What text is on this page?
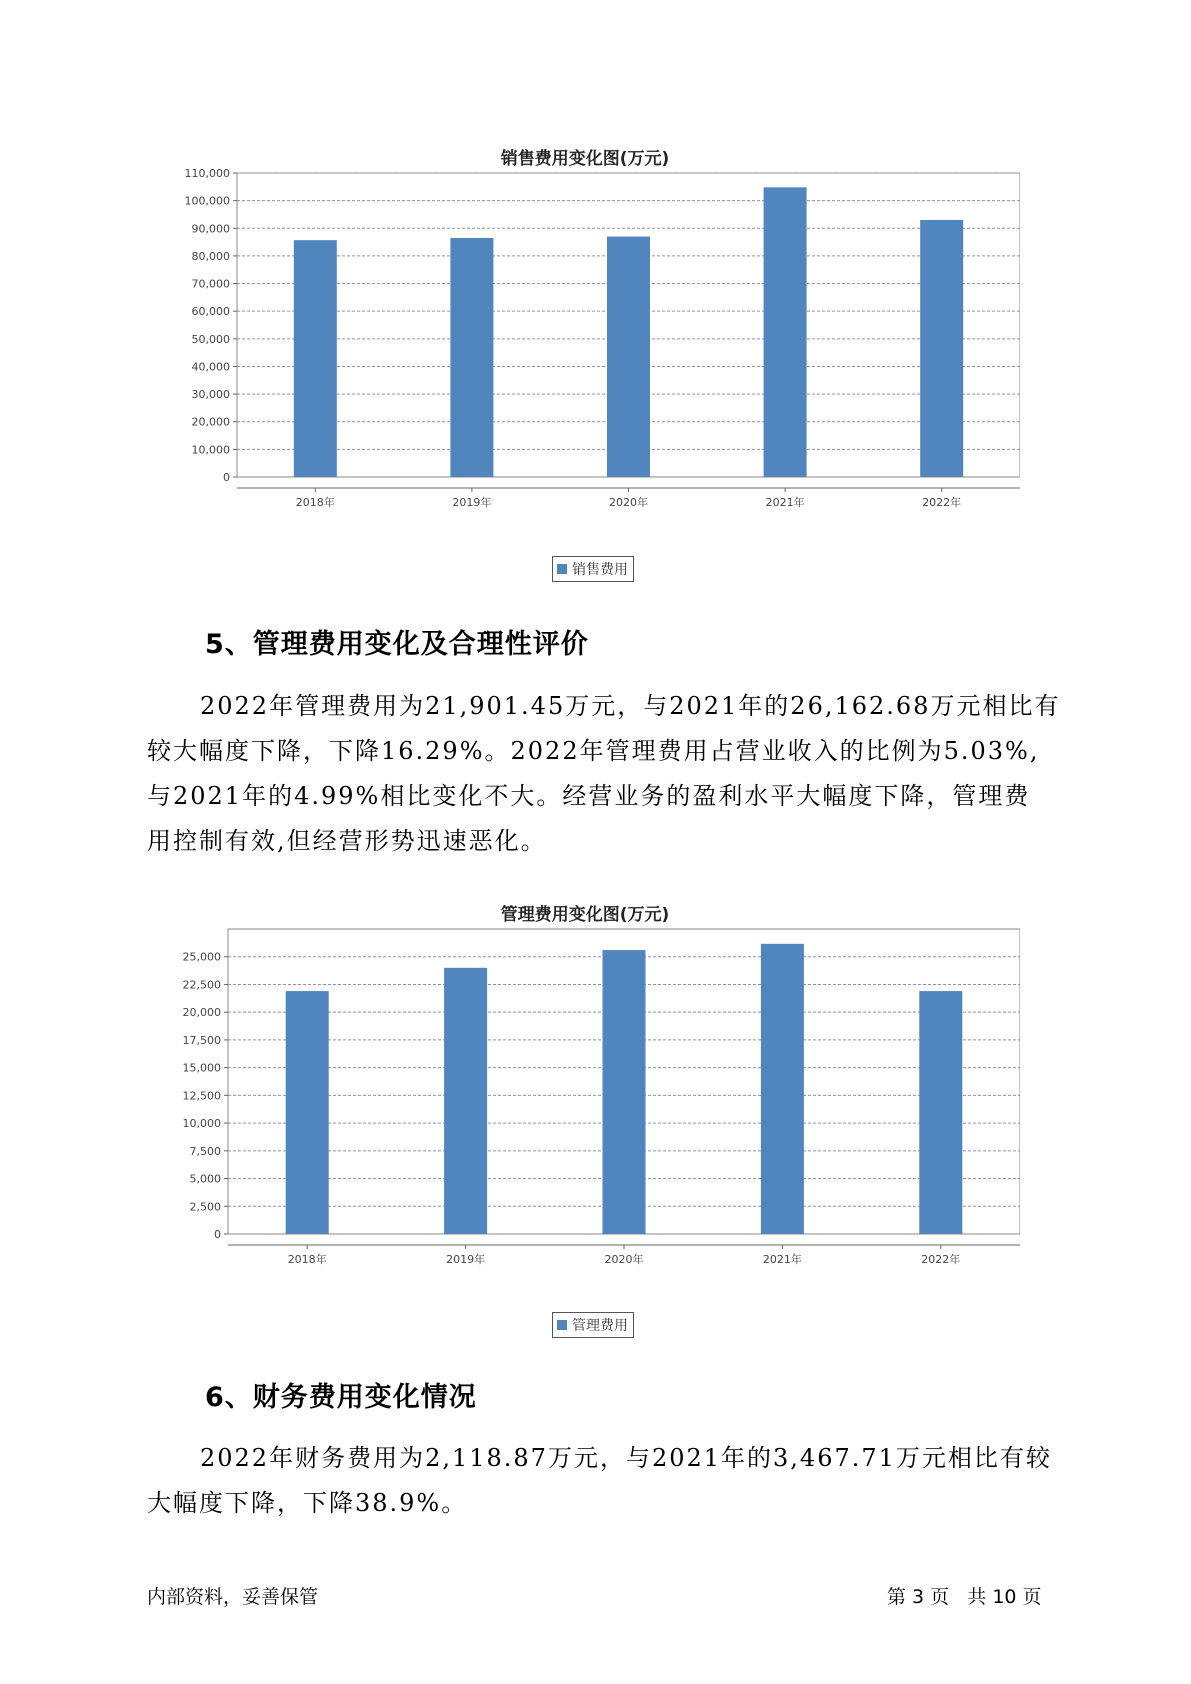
销售费用变化图(万元)
0
10,000
20,000
30,000
40,000
50,000
60,000
70,000
80,000
90,000
100,000
110,000
2018年	2019年	2020年	2021年	2022年
销售费用
5、管理费用变化及合理性评价
2022年管理费用为21,901.45万元，与2021年的26,162.68万元相比有
较大幅度下降，下降16.29%。2022年管理费用占营业收入的比例为5.03%,
与2021年的4.99%相比变化不大。经营业务的盈利水平大幅度下降，管理费
用控制有效,但经营形势迅速恶化。
管理费用变化图(万元)
0
2,500
5,000
7,500
10,000
12,500
15,000
17,500
20,000
22,500
25,000
2018年	2019年	2020年	2021年	2022年
管理费用
6、财务费用变化情况
2022年财务费用为2,118.87万元，与2021年的3,467.71万元相比有较
大幅度下降，下降38.9%。
内部资料，妥善保管	第 3 页   共 10 页
